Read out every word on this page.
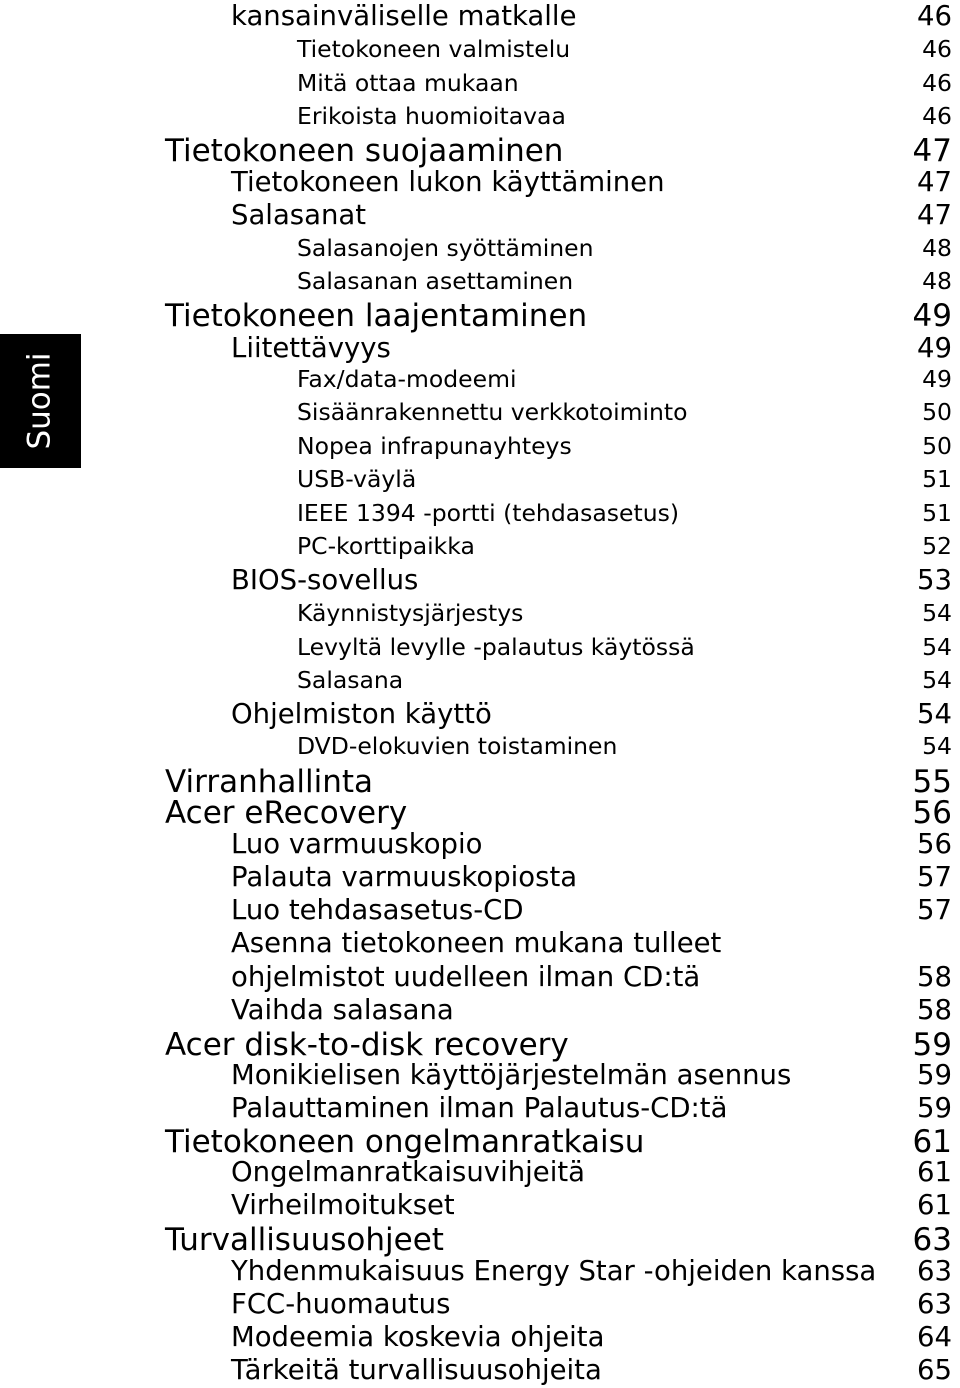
Suomi
kansainväliselle matkalle	46
Tietokoneen valmistelu	46
Mitä ottaa mukaan	46
Erikoista huomioitavaa	46
Tietokoneen suojaaminen	47
Tietokoneen lukon käyttäminen	47
Salasanat	47
Salasanojen syöttäminen	48
Salasanan asettaminen	48
Tietokoneen laajentaminen	49
Liitettävyys	49
Fax/data-modeemi	49
Sisäänrakennettu verkkotoiminto	50
Nopea infrapunayhteys	50
USB-väylä	51
IEEE 1394 -portti (tehdasasetus)	51
PC-korttipaikka	52
BIOS-sovellus	53
Käynnistysjärjestys	54
Levyltä levylle -palautus käytössä	54
Salasana	54
Ohjelmiston käyttö	54
DVD-elokuvien toistaminen	54
Virranhallinta	55
Acer eRecovery	56
Luo varmuuskopio	56
Palauta varmuuskopiosta	57
Luo tehdasasetus-CD	57
Asenna tietokoneen mukana tulleet
ohjelmistot uudelleen ilman CD:tä	58
Vaihda salasana	58
Acer disk-to-disk recovery	59
Monikielisen käyttöjärjestelmän asennus	59
Palauttaminen ilman Palautus-CD:tä	59
Tietokoneen ongelmanratkaisu	61
Ongelmanratkaisuvihjeitä	61
Virheilmoitukset	61
Turvallisuusohjeet	63
Yhdenmukaisuus Energy Star -ohjeiden kanssa 63
FCC-huomautus	63
Modeemia koskevia ohjeita	64
Tärkeitä turvallisuusohjeita	65
